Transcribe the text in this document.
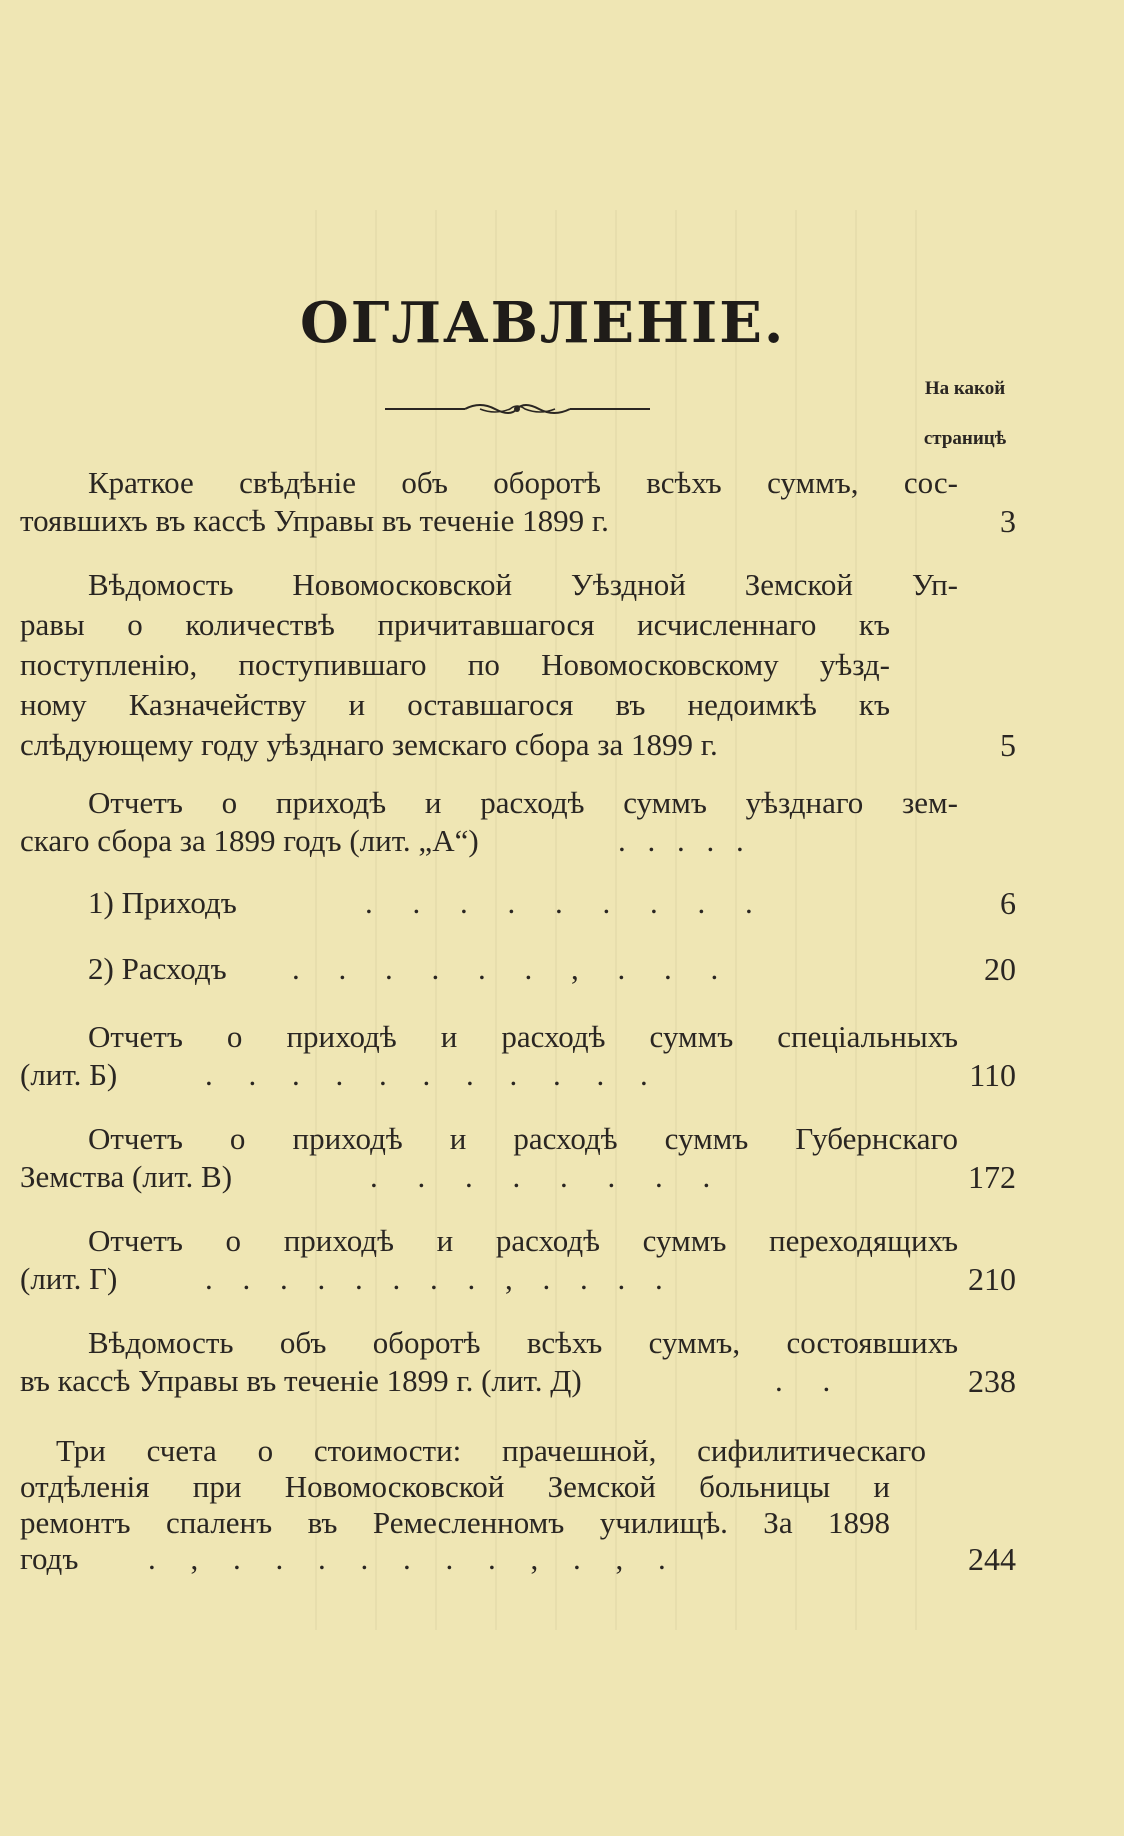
ОГЛАВЛЕНІЕ.
На какой
страницѣ
Краткое свѣдѣніе объ оборотѣ всѣхъ суммъ, сос-
тоявшихъ въ кассѣ Управы въ теченіе 1899 г.	3
Вѣдомость Новомосковской Уѣздной Земской Уп-
равы о количествѣ причитавшагося исчисленнаго къ
поступленію, поступившаго по Новомосковскому уѣзд-
ному Казначейству и оставшагося въ недоимкѣ къ
слѣдующему году уѣзднаго земскаго сбора за 1899 г.	5
Отчетъ о приходѣ и расходѣ суммъ уѣзднаго зем-
скаго сбора за 1899 годъ (лит. „А“)	. . . . .
1) Приходъ	. . . . . . . . .	6
2) Расходъ	. . . . . . , . . .	20
Отчетъ о приходѣ и расходѣ суммъ спеціальныхъ
(лит. Б)	. . . . . . . . . . .	110
Отчетъ о приходѣ и расходѣ суммъ Губернскаго
Земства (лит. В)	. . . . . . . .	172
Отчетъ о приходѣ и расходѣ суммъ переходящихъ
(лит. Г)	. . . . . . . . , . . . .	210
Вѣдомость объ оборотѣ всѣхъ суммъ, состоявшихъ
въ кассѣ Управы въ теченіе 1899 г. (лит. Д)	. .	238
Три счета о стоимости: прачешной, сифилитическаго
отдѣленія при Новомосковской Земской больницы и
ремонтъ спаленъ въ Ремесленномъ училищѣ. За 1898
годъ	. , . . . . . . . , . , .	244
